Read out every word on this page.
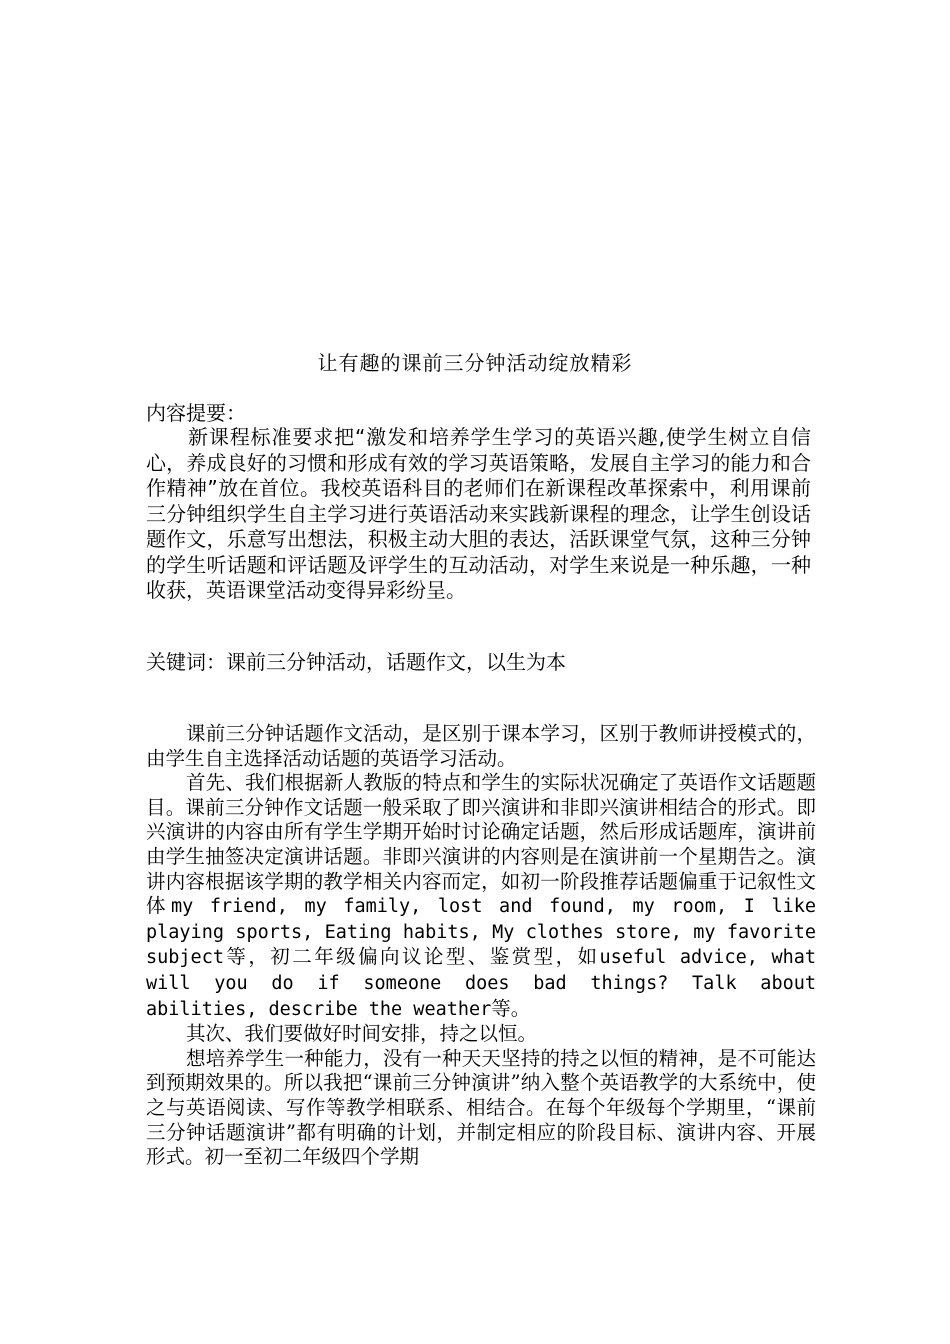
让有趣的课前三分钟活动绽放精彩
内容提要：

新课程标准要求把“激发和培养学生学习的英语兴趣,使学生树立自信心，养成良好的习惯和形成有效的学习英语策略，发展自主学习的能力和合作精神”放在首位。我校英语科目的老师们在新课程改革探索中，利用课前三分钟组织学生自主学习进行英语活动来实践新课程的理念，让学生创设话题作文，乐意写出想法，积极主动大胆的表达，活跃课堂气氛，这种三分钟的学生听话题和评话题及评学生的互动活动，对学生来说是一种乐趣，一种收获，英语课堂活动变得异彩纷呈。

关键词：课前三分钟活动，话题作文，以生为本

课前三分钟话题作文活动，是区别于课本学习，区别于教师讲授模式的，由学生自主选择活动话题的英语学习活动。

首先、我们根据新人教版的特点和学生的实际状况确定了英语作文话题题目。课前三分钟作文话题一般采取了即兴演讲和非即兴演讲相结合的形式。即兴演讲的内容由所有学生学期开始时讨论确定话题，然后形成话题库，演讲前由学生抽签决定演讲话题。非即兴演讲的内容则是在演讲前一个星期告之。演讲内容根据该学期的教学相关内容而定，如初一阶段推荐话题偏重于记叙性文体my friend, my family, lost and found, my room, I like playing sports, Eating habits, My clothes store, my favorite subject等，初二年级偏向议论型、鉴赏型，如useful advice, what will you do if someone does bad things? Talk about abilities, describe the weather等。

其次、我们要做好时间安排，持之以恒。

想培养学生一种能力，没有一种天天坚持的持之以恒的精神，是不可能达到预期效果的。所以我把“课前三分钟演讲”纳入整个英语教学的大系统中，使之与英语阅读、写作等教学相联系、相结合。在每个年级每个学期里，“课前三分钟话题演讲”都有明确的计划，并制定相应的阶段目标、演讲内容、开展形式。初一至初二年级四个学期
